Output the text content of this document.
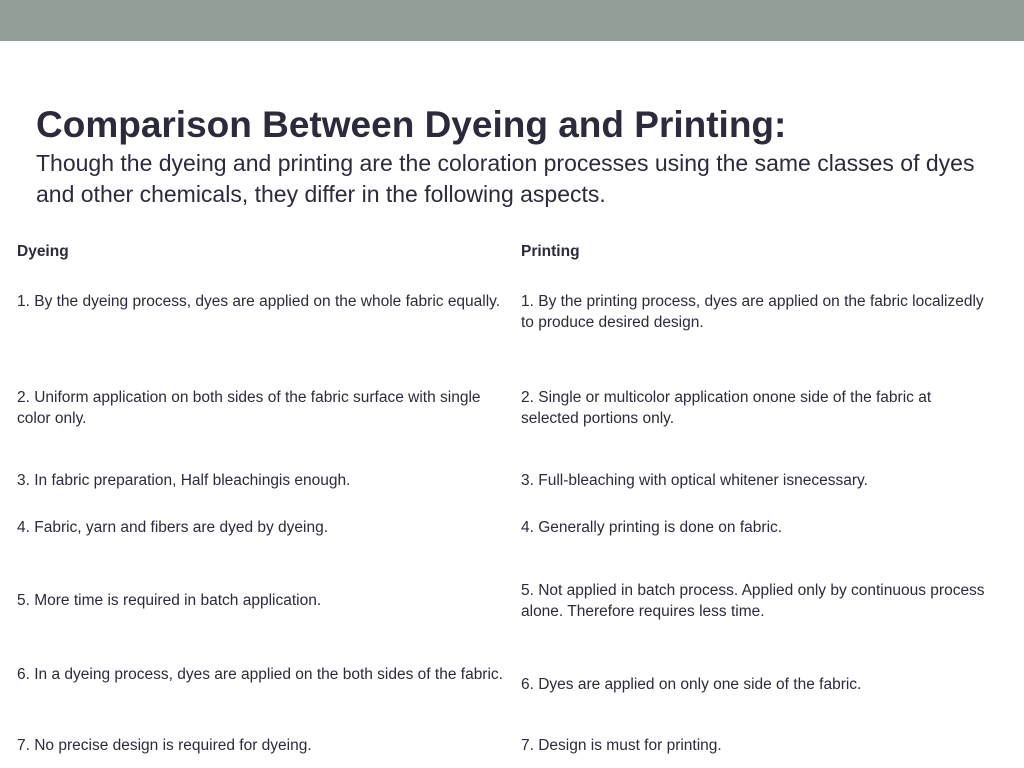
Comparison Between Dyeing and Printing:

Though the dyeing and printing are the coloration processes using the same classes of dyes and other chemicals, they differ in the following aspects.

Dyeing	Printing
1. By the dyeing process, dyes are applied on the whole fabric equally.	1. By the printing process, dyes are applied on the fabric localizedly to produce desired design.
2. Uniform application on both sides of the fabric surface with single color only.
2. Single or multicolor application onone side of the fabric at selected portions only.
3. In fabric preparation, Half bleachingis enough.	3. Full-bleaching with optical whitener isnecessary.
4. Fabric, yarn and fibers are dyed by dyeing.	4. Generally printing is done on fabric.
5. More time is required in batch application.
5. Not applied in batch process. Applied only by continuous process alone. Therefore requires less time.
6. In a dyeing process, dyes are applied on the both sides of the fabric.
6. Dyes are applied on only one side of the fabric.
7. No precise design is required for dyeing.	7. Design is must for printing.
